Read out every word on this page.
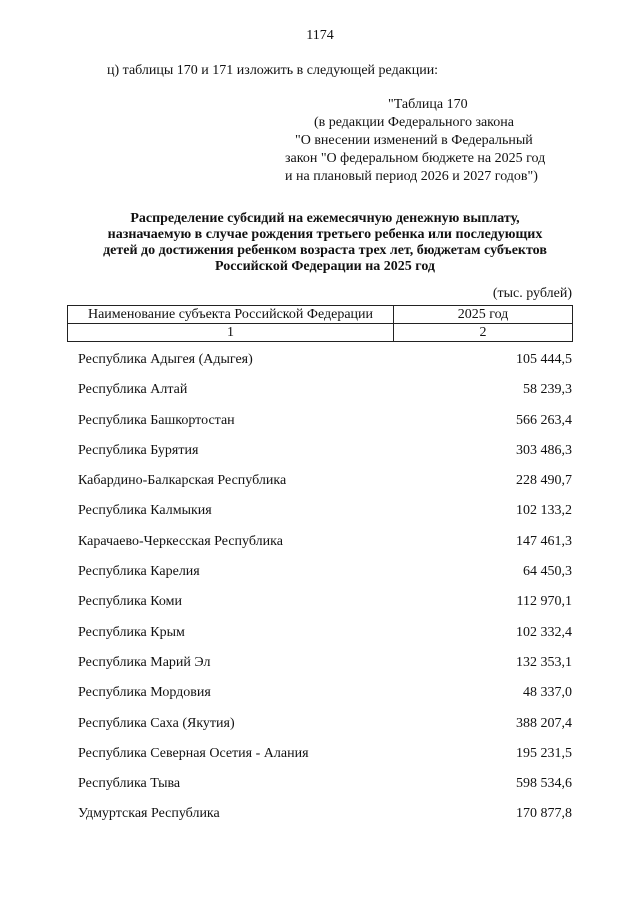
1174
ц) таблицы 170 и 171 изложить в следующей редакции:
"Таблица 170
(в редакции Федерального закона
"О внесении изменений в Федеральный
закон "О федеральном бюджете на 2025 год
и на плановый период 2026 и 2027 годов")
Распределение субсидий на ежемесячную денежную выплату,
назначаемую в случае рождения третьего ребенка или последующих
детей до достижения ребенком возраста трех лет, бюджетам субъектов
Российской Федерации на 2025 год
(тыс. рублей)
Наименование субъекта Российской Федерации	2025 год
1	2
Республика Адыгея (Адыгея)	105 444,5
Республика Алтай	58 239,3
Республика Башкортостан	566 263,4
Республика Бурятия	303 486,3
Кабардино-Балкарская Республика	228 490,7
Республика Калмыкия	102 133,2
Карачаево-Черкесская Республика	147 461,3
Республика Карелия	64 450,3
Республика Коми	112 970,1
Республика Крым	102 332,4
Республика Марий Эл	132 353,1
Республика Мордовия	48 337,0
Республика Саха (Якутия)	388 207,4
Республика Северная Осетия - Алания	195 231,5
Республика Тыва	598 534,6
Удмуртская Республика	170 877,8
